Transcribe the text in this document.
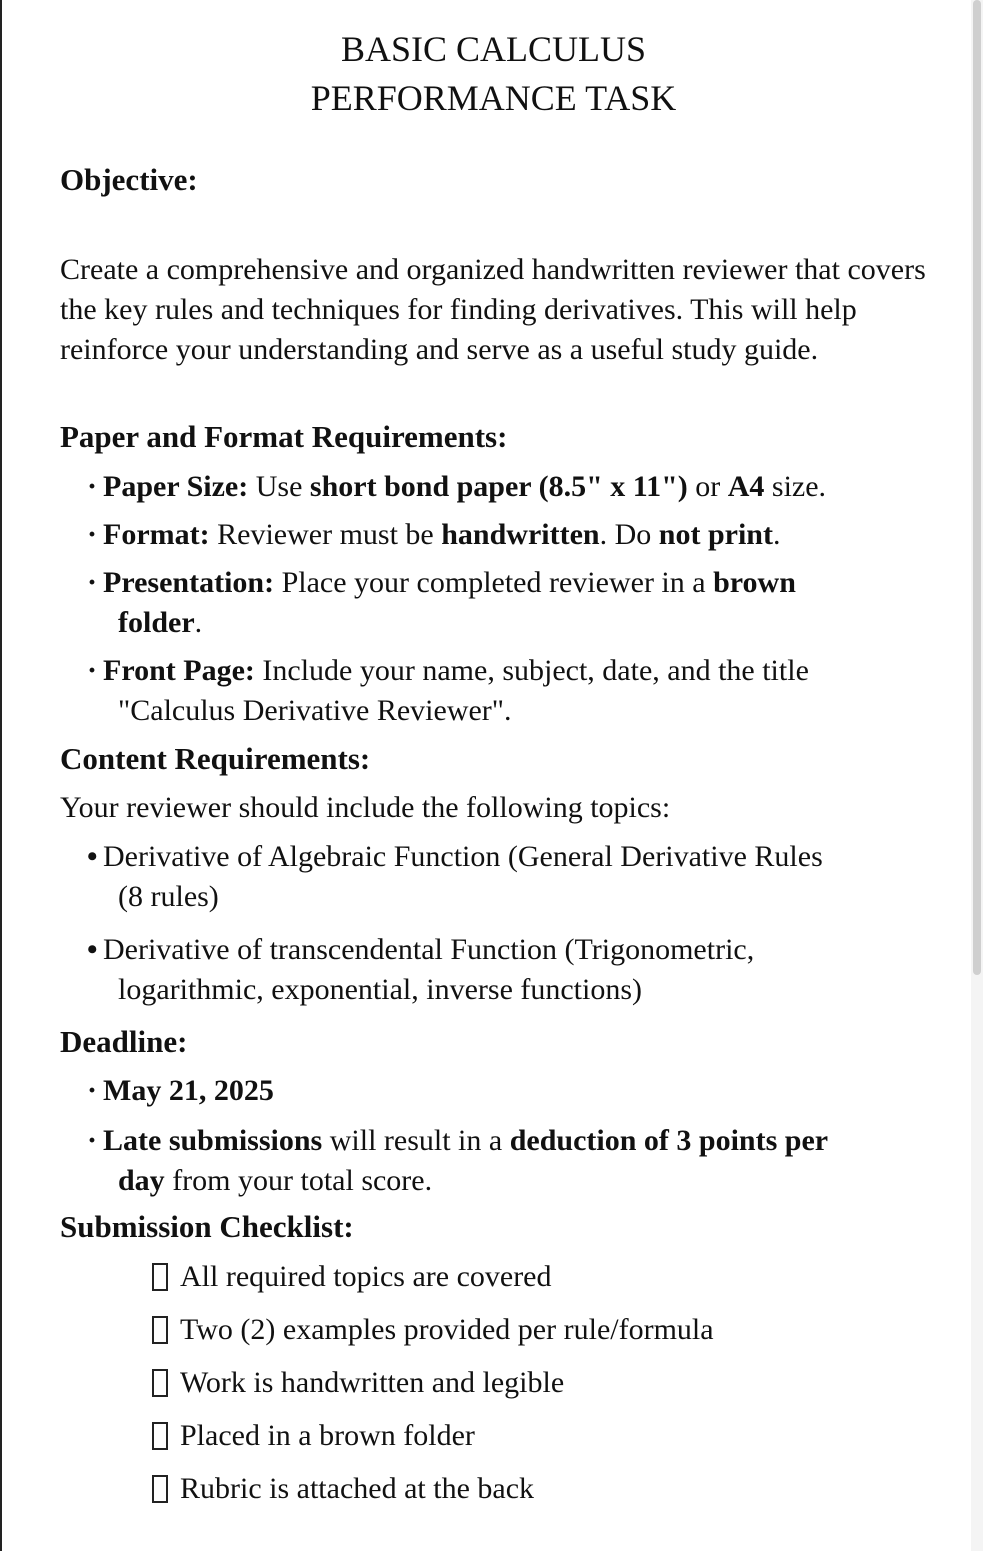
BASIC CALCULUS
PERFORMANCE TASK
Objective:

Create a comprehensive and organized handwritten reviewer that covers the key rules and techniques for finding derivatives. This will help reinforce your understanding and serve as a useful study guide.

Paper and Format Requirements:

· Paper Size: Use short bond paper (8.5" x 11") or A4 size.

· Format: Reviewer must be handwritten. Do not print.

· Presentation: Place your completed reviewer in a brown
folder.

· Front Page: Include your name, subject, date, and the title
"Calculus Derivative Reviewer".

Content Requirements:

Your reviewer should include the following topics:

• Derivative of Algebraic Function (General Derivative Rules
(8 rules)

• Derivative of transcendental Function (Trigonometric,
logarithmic, exponential, inverse functions)

Deadline:

· May 21, 2025

· Late submissions will result in a deduction of 3 points per
day from your total score.

Submission Checklist:

All required topics are covered

Two (2) examples provided per rule/formula

Work is handwritten and legible

Placed in a brown folder

Rubric is attached at the back
